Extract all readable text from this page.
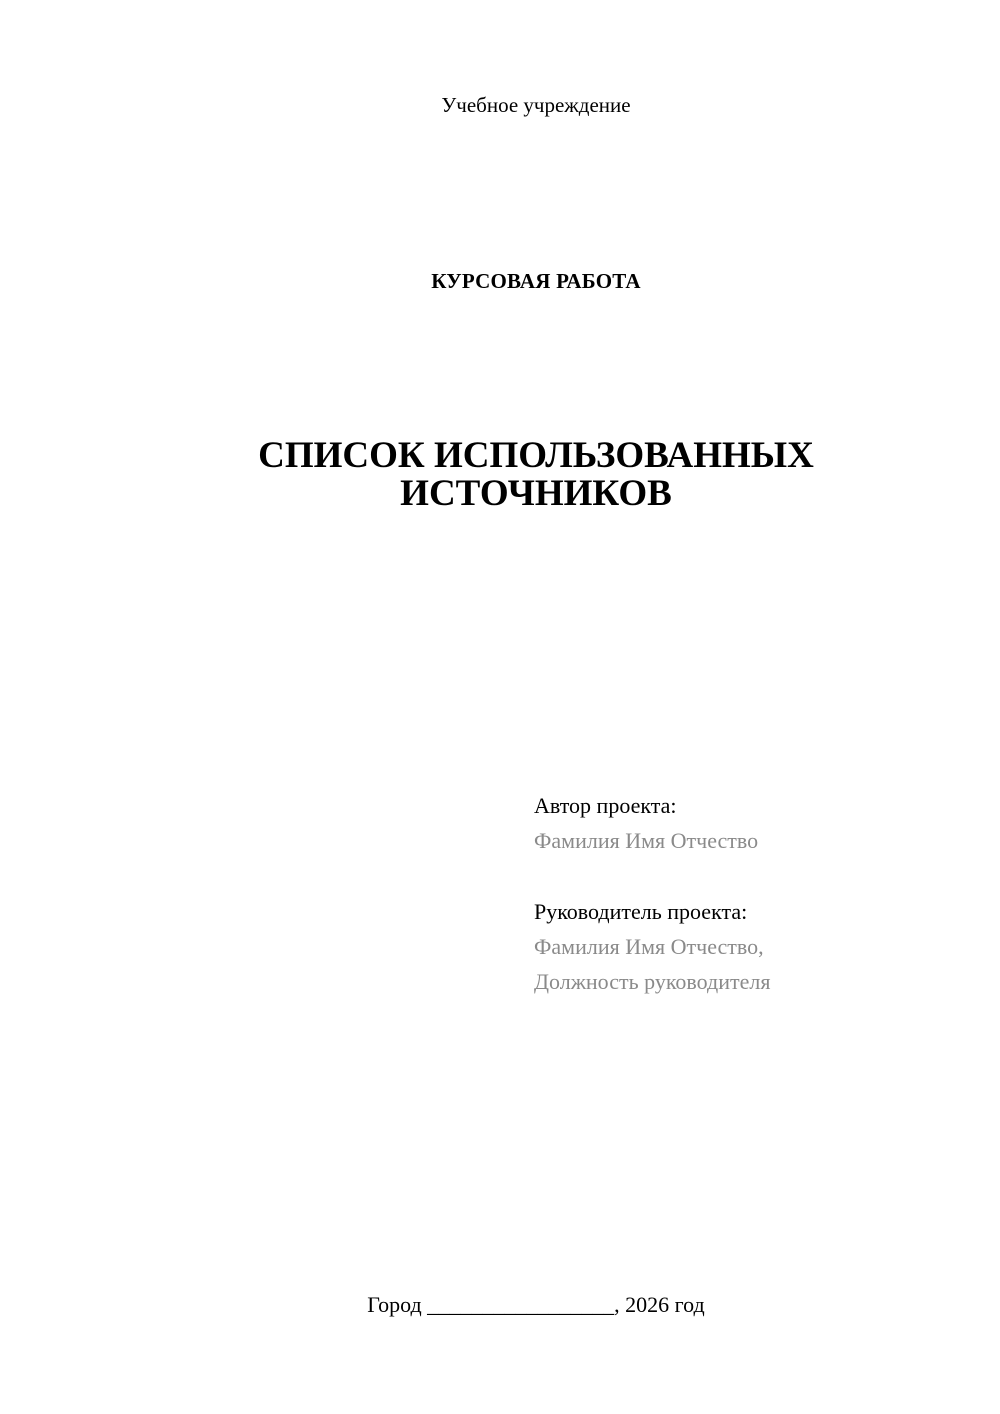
Учебное учреждение
КУРСОВАЯ РАБОТА
СПИСОК ИСПОЛЬЗОВАННЫХ
ИСТОЧНИКОВ
Автор проекта:
Фамилия Имя Отчество
Руководитель проекта:
Фамилия Имя Отчество,
Должность руководителя
Город _________________, 2026 год
